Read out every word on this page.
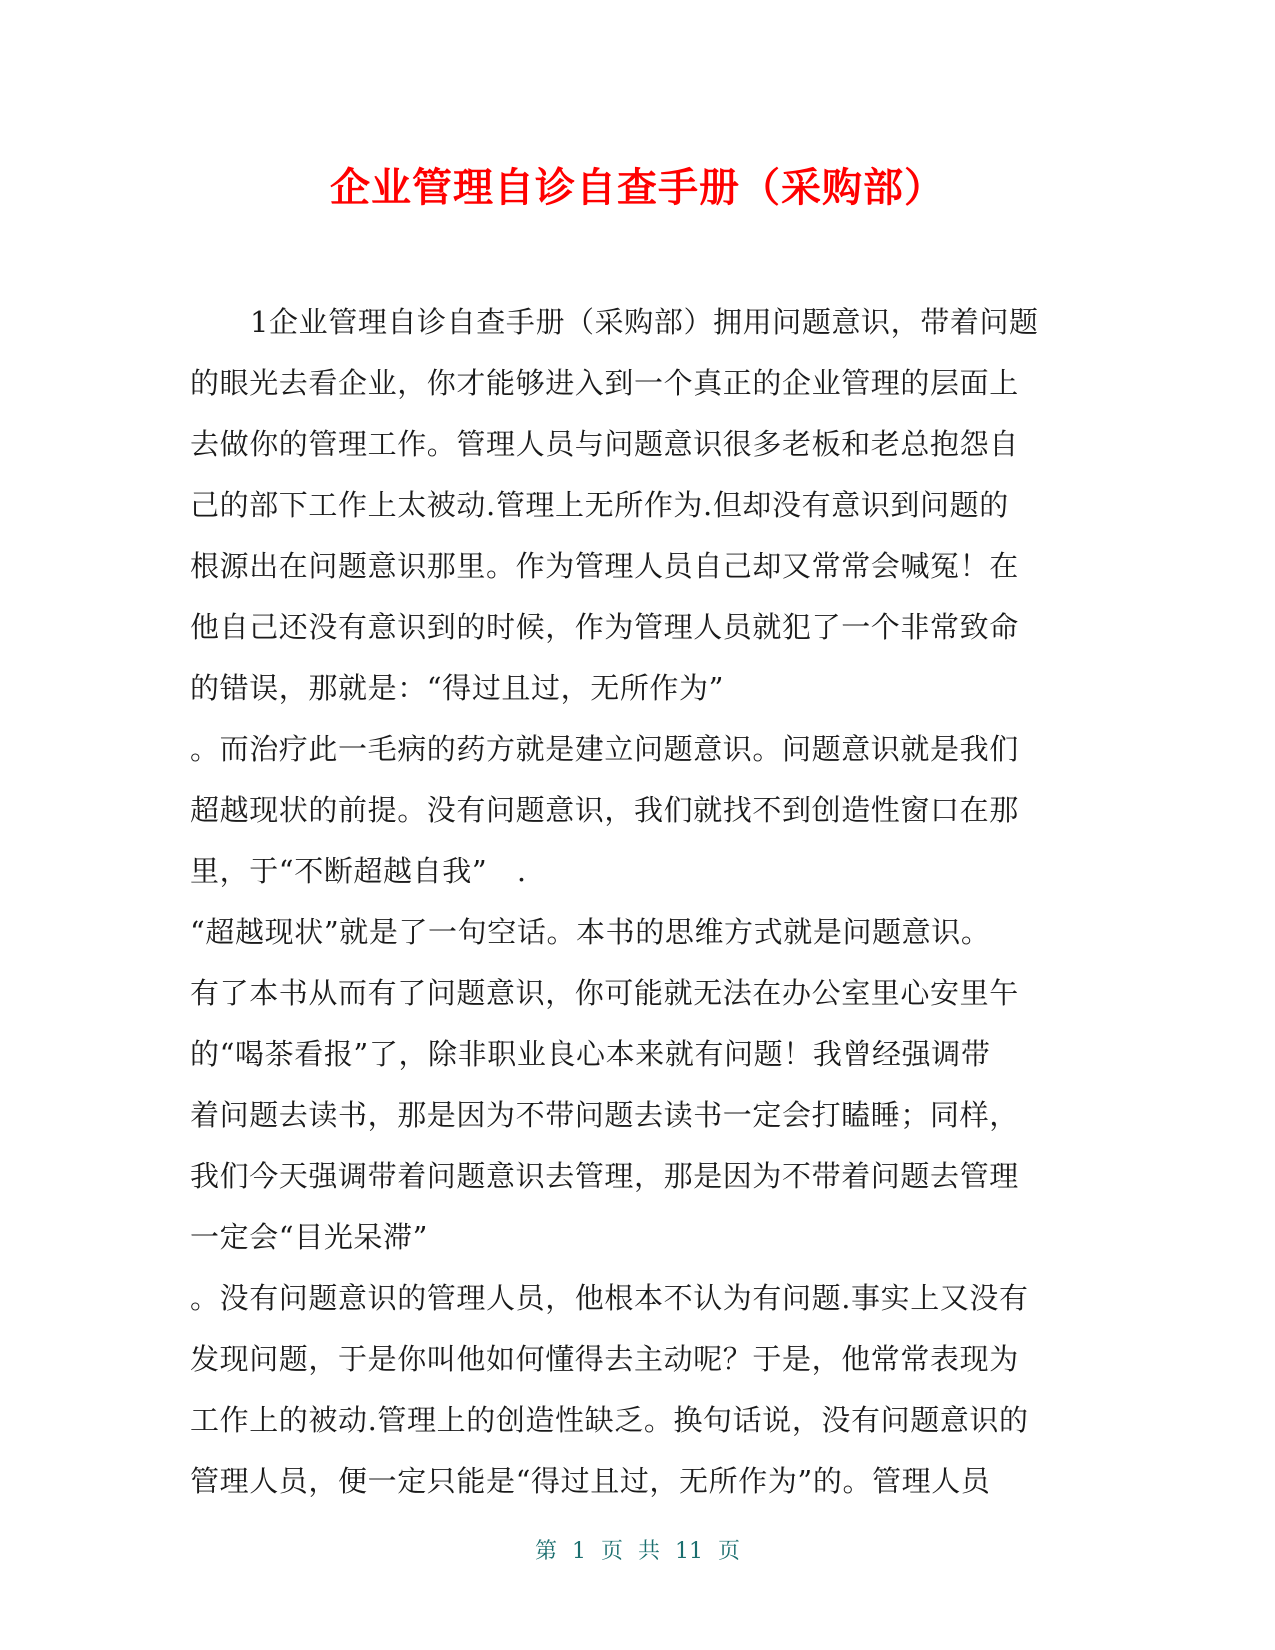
企业管理自诊自查手册（采购部）
1企业管理自诊自查手册（采购部）拥用问题意识，带着问题
的眼光去看企业，你才能够进入到一个真正的企业管理的层面上
去做你的管理工作。管理人员与问题意识很多老板和老总抱怨自
己的部下工作上太被动.管理上无所作为.但却没有意识到问题的
根源出在问题意识那里。作为管理人员自己却又常常会喊冤！在
他自己还没有意识到的时候，作为管理人员就犯了一个非常致命
的错误，那就是：“得过且过，无所作为”
。而治疗此一毛病的药方就是建立问题意识。问题意识就是我们
超越现状的前提。没有问题意识，我们就找不到创造性窗口在那
里，于“不断超越自我”　.
“超越现状”就是了一句空话。本书的思维方式就是问题意识。
有了本书从而有了问题意识，你可能就无法在办公室里心安里午
的“喝茶看报”了，除非职业良心本来就有问题！我曾经强调带
着问题去读书，那是因为不带问题去读书一定会打瞌睡；同样，
我们今天强调带着问题意识去管理，那是因为不带着问题去管理
一定会“目光呆滞”
。没有问题意识的管理人员，他根本不认为有问题.事实上又没有
发现问题，于是你叫他如何懂得去主动呢？于是，他常常表现为
工作上的被动.管理上的创造性缺乏。换句话说，没有问题意识的
管理人员，便一定只能是“得过且过，无所作为”的。管理人员
第 1 页 共 11 页
